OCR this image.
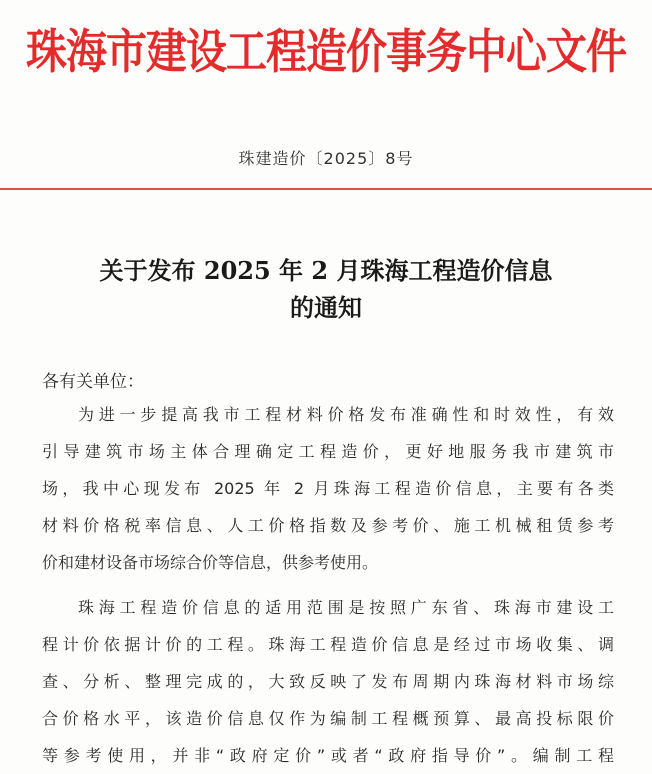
珠海市建设工程造价事务中心文件
珠建造价〔2025〕8号
关于发布 2025 年 2 月珠海工程造价信息
的通知
各有关单位：
为进一步提高我市工程材料价格发布准确性和时效性，有效
引导建筑市场主体合理确定工程造价，更好地服务我市建筑市
场，我中心现发布 2025 年 2 月珠海工程造价信息，主要有各类
材料价格税率信息、人工价格指数及参考价、施工机械租赁参考
价和建材设备市场综合价等信息，供参考使用。
珠海工程造价信息的适用范围是按照广东省、珠海市建设工
程计价依据计价的工程。珠海工程造价信息是经过市场收集、调
查、分析、整理完成的，大致反映了发布周期内珠海材料市场综
合价格水平，该造价信息仅作为编制工程概预算、最高投标限价
等参考使用，并非“政府定价”或者“政府指导价”。编制工程
